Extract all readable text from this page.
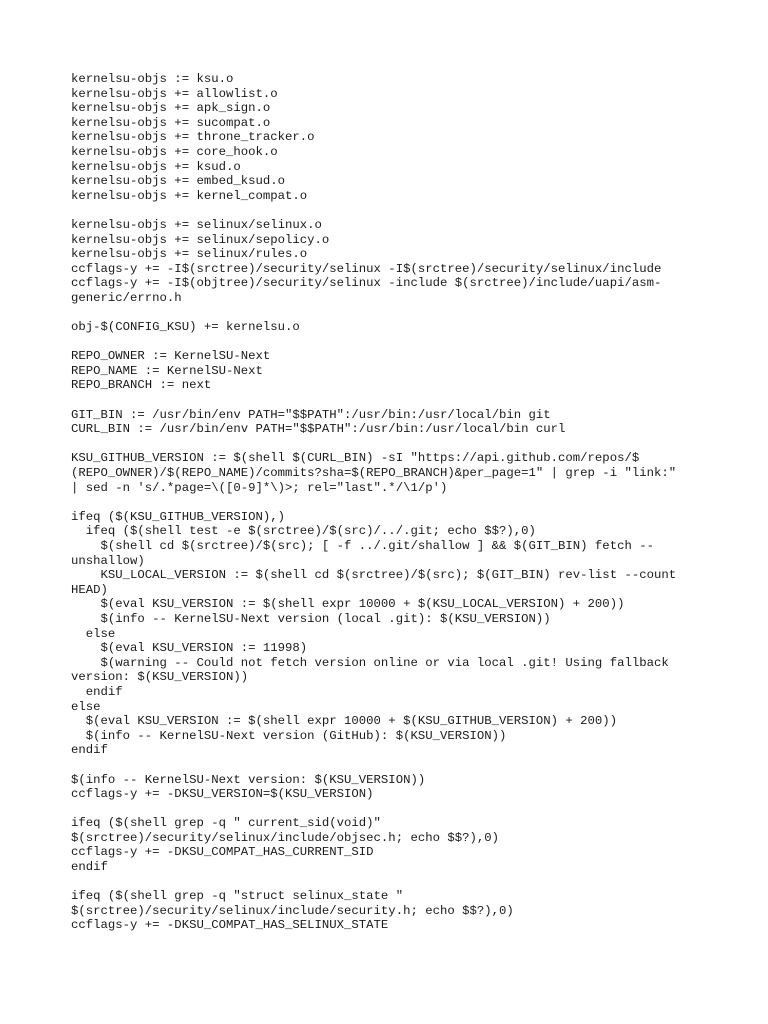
kernelsu-objs := ksu.o
kernelsu-objs += allowlist.o
kernelsu-objs += apk_sign.o
kernelsu-objs += sucompat.o
kernelsu-objs += throne_tracker.o
kernelsu-objs += core_hook.o
kernelsu-objs += ksud.o
kernelsu-objs += embed_ksud.o
kernelsu-objs += kernel_compat.o
kernelsu-objs += selinux/selinux.o
kernelsu-objs += selinux/sepolicy.o
kernelsu-objs += selinux/rules.o
ccflags-y += -I$(srctree)/security/selinux -I$(srctree)/security/selinux/include
ccflags-y += -I$(objtree)/security/selinux -include $(srctree)/include/uapi/asm-
generic/errno.h
obj-$(CONFIG_KSU) += kernelsu.o
REPO_OWNER := KernelSU-Next
REPO_NAME := KernelSU-Next
REPO_BRANCH := next
GIT_BIN := /usr/bin/env PATH="$$PATH":/usr/bin:/usr/local/bin git
CURL_BIN := /usr/bin/env PATH="$$PATH":/usr/bin:/usr/local/bin curl
KSU_GITHUB_VERSION := $(shell $(CURL_BIN) -sI "https://api.github.com/repos/$
(REPO_OWNER)/$(REPO_NAME)/commits?sha=$(REPO_BRANCH)&per_page=1" | grep -i "link:"
| sed -n 's/.*page=\([0-9]*\)>; rel="last".*/\1/p')
ifeq ($(KSU_GITHUB_VERSION),)
ifeq ($(shell test -e $(srctree)/$(src)/../.git; echo $$?),0)
$(shell cd $(srctree)/$(src); [ -f ../.git/shallow ] && $(GIT_BIN) fetch --
unshallow)
KSU_LOCAL_VERSION := $(shell cd $(srctree)/$(src); $(GIT_BIN) rev-list --count
HEAD)
$(eval KSU_VERSION := $(shell expr 10000 + $(KSU_LOCAL_VERSION) + 200))
$(info -- KernelSU-Next version (local .git): $(KSU_VERSION))
else
$(eval KSU_VERSION := 11998)
$(warning -- Could not fetch version online or via local .git! Using fallback
version: $(KSU_VERSION))
endif
else
$(eval KSU_VERSION := $(shell expr 10000 + $(KSU_GITHUB_VERSION) + 200))
$(info -- KernelSU-Next version (GitHub): $(KSU_VERSION))
endif
$(info -- KernelSU-Next version: $(KSU_VERSION))
ccflags-y += -DKSU_VERSION=$(KSU_VERSION)
ifeq ($(shell grep -q " current_sid(void)"
$(srctree)/security/selinux/include/objsec.h; echo $$?),0)
ccflags-y += -DKSU_COMPAT_HAS_CURRENT_SID
endif
ifeq ($(shell grep -q "struct selinux_state "
$(srctree)/security/selinux/include/security.h; echo $$?),0)
ccflags-y += -DKSU_COMPAT_HAS_SELINUX_STATE
